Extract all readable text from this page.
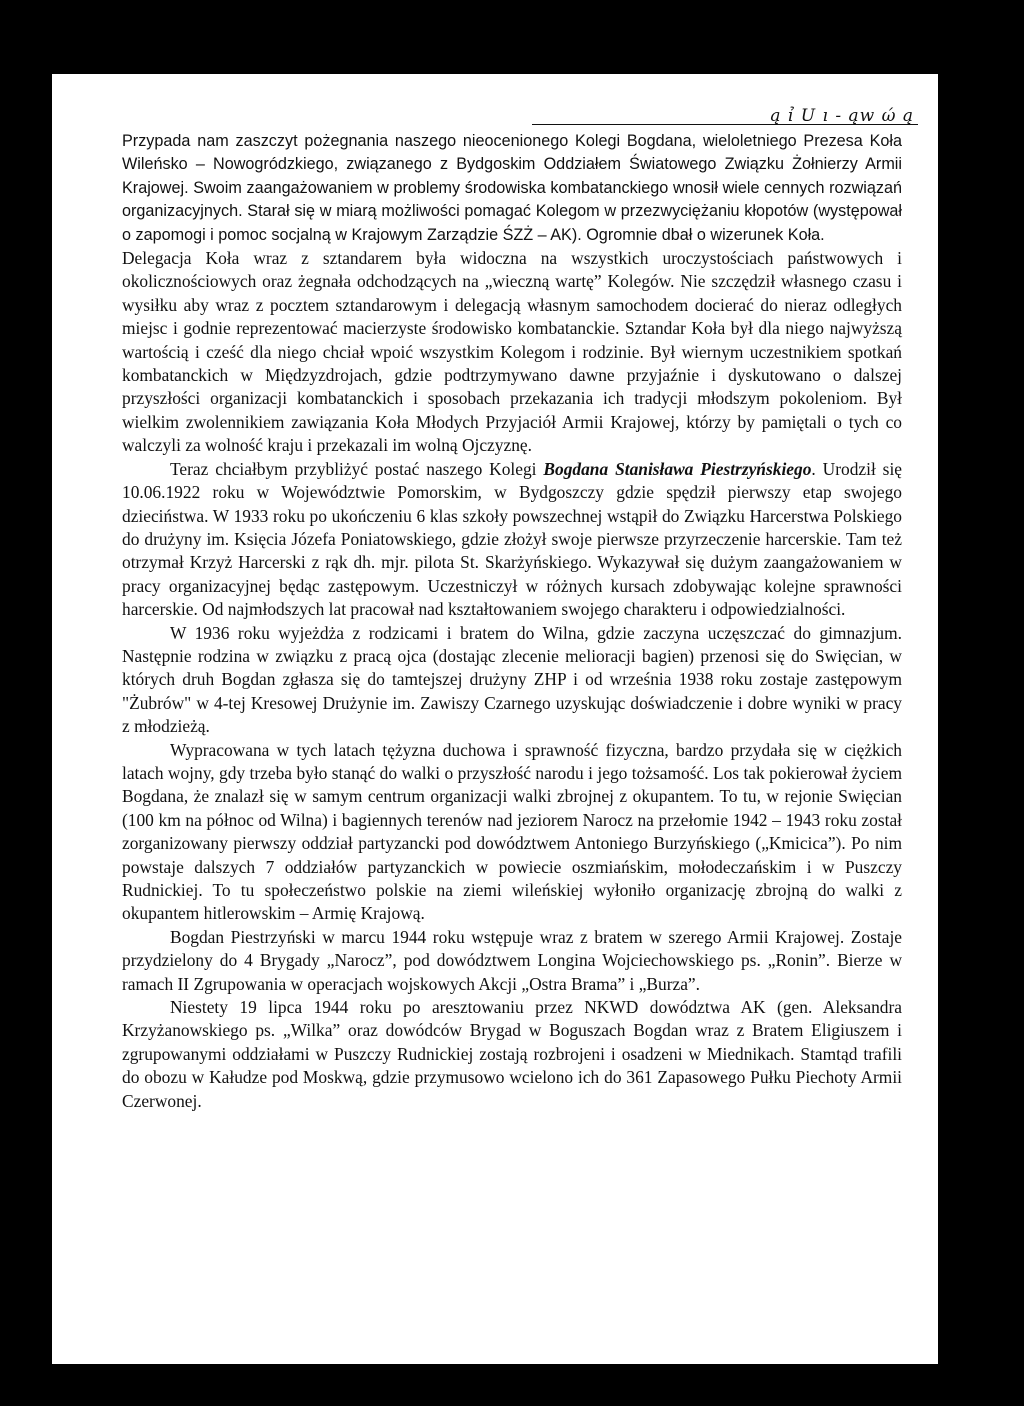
ą ỉ U ı - ąw ώ ą

Przypada nam zaszczyt pożegnania naszego nieocenionego Kolegi Bogdana, wieloletniego Prezesa Koła Wileńsko – Nowogródzkiego, związanego z Bydgoskim Oddziałem Światowego Związku Żołnierzy Armii Krajowej. Swoim zaangażowaniem w problemy środowiska kombatanckiego wnosił wiele cennych rozwiązań organizacyjnych. Starał się w miarą możliwości pomagać Kolegom w przezwyciężaniu kłopotów (występował o zapomogi i pomoc socjalną w Krajowym Zarządzie ŚZŻ – AK). Ogromnie dbał o wizerunek Koła.

Delegacja Koła wraz z sztandarem była widoczna na wszystkich uroczystościach państwowych i okolicznościowych oraz żegnała odchodzących na „wieczną wartę” Kolegów. Nie szczędził własnego czasu i wysiłku aby wraz z pocztem sztandarowym i delegacją własnym samochodem docierać do nieraz odległych miejsc i godnie reprezentować macierzyste środowisko kombatanckie. Sztandar Koła był dla niego najwyższą wartością i cześć dla niego chciał wpoić wszystkim Kolegom i rodzinie. Był wiernym uczestnikiem spotkań kombatanckich w Międzyzdrojach, gdzie podtrzymywano dawne przyjaźnie i dyskutowano o dalszej przyszłości organizacji kombatanckich i sposobach przekazania ich tradycji młodszym pokoleniom. Był wielkim zwolennikiem zawiązania Koła Młodych Przyjaciół Armii Krajowej, którzy by pamiętali o tych co walczyli za wolność kraju i przekazali im wolną Ojczyznę.

Teraz chciałbym przybliżyć postać naszego Kolegi Bogdana Stanisława Piestrzyńskiego. Urodził się 10.06.1922 roku w Województwie Pomorskim, w Bydgoszczy gdzie spędził pierwszy etap swojego dzieciństwa. W 1933 roku po ukończeniu 6 klas szkoły powszechnej wstąpił do Związku Harcerstwa Polskiego do drużyny im. Księcia Józefa Poniatowskiego, gdzie złożył swoje pierwsze przyrzeczenie harcerskie. Tam też otrzymał Krzyż Harcerski z rąk dh. mjr. pilota St. Skarżyńskiego. Wykazywał się dużym zaangażowaniem w pracy organizacyjnej będąc zastępowym. Uczestniczył w różnych kursach zdobywając kolejne sprawności harcerskie. Od najmłodszych lat pracował nad kształtowaniem swojego charakteru i odpowiedzialności.

W 1936 roku wyjeżdża z rodzicami i bratem do Wilna, gdzie zaczyna uczęszczać do gimnazjum. Następnie rodzina w związku z pracą ojca (dostając zlecenie melioracji bagien) przenosi się do Swięcian, w których druh Bogdan zgłasza się do tamtejszej drużyny ZHP i od września 1938 roku zostaje zastępowym "Żubrów" w 4-tej Kresowej Drużynie im. Zawiszy Czarnego uzyskując doświadczenie i dobre wyniki w pracy z młodzieżą.

Wypracowana w tych latach tężyzna duchowa i sprawność fizyczna, bardzo przydała się w ciężkich latach wojny, gdy trzeba było stanąć do walki o przyszłość narodu i jego tożsamość. Los tak pokierował życiem Bogdana, że znalazł się w samym centrum organizacji walki zbrojnej z okupantem. To tu, w rejonie Swięcian (100 km na północ od Wilna) i bagiennych terenów nad jeziorem Narocz na przełomie 1942 – 1943 roku został zorganizowany pierwszy oddział partyzancki pod dowództwem Antoniego Burzyńskiego („Kmicica”). Po nim powstaje dalszych 7 oddziałów partyzanckich w powiecie oszmiańskim, mołodeczańskim i w Puszczy Rudnickiej. To tu społeczeństwo polskie na ziemi wileńskiej wyłoniło organizację zbrojną do walki z okupantem hitlerowskim – Armię Krajową.

Bogdan Piestrzyński w marcu 1944 roku wstępuje wraz z bratem w szerego Armii Krajowej. Zostaje przydzielony do 4 Brygady „Narocz”, pod dowództwem Longina Wojciechowskiego ps. „Ronin”. Bierze w ramach II Zgrupowania w operacjach wojskowych Akcji „Ostra Brama” i „Burza”.

Niestety 19 lipca 1944 roku po aresztowaniu przez NKWD dowództwa AK (gen. Aleksandra Krzyżanowskiego ps. „Wilka” oraz dowódców Brygad w Boguszach Bogdan wraz z Bratem Eligiuszem i zgrupowanymi oddziałami w Puszczy Rudnickiej zostają rozbrojeni i osadzeni w Miednikach. Stamtąd trafili do obozu w Kałudze pod Moskwą, gdzie przymusowo wcielono ich do 361 Zapasowego Pułku Piechoty Armii Czerwonej.
